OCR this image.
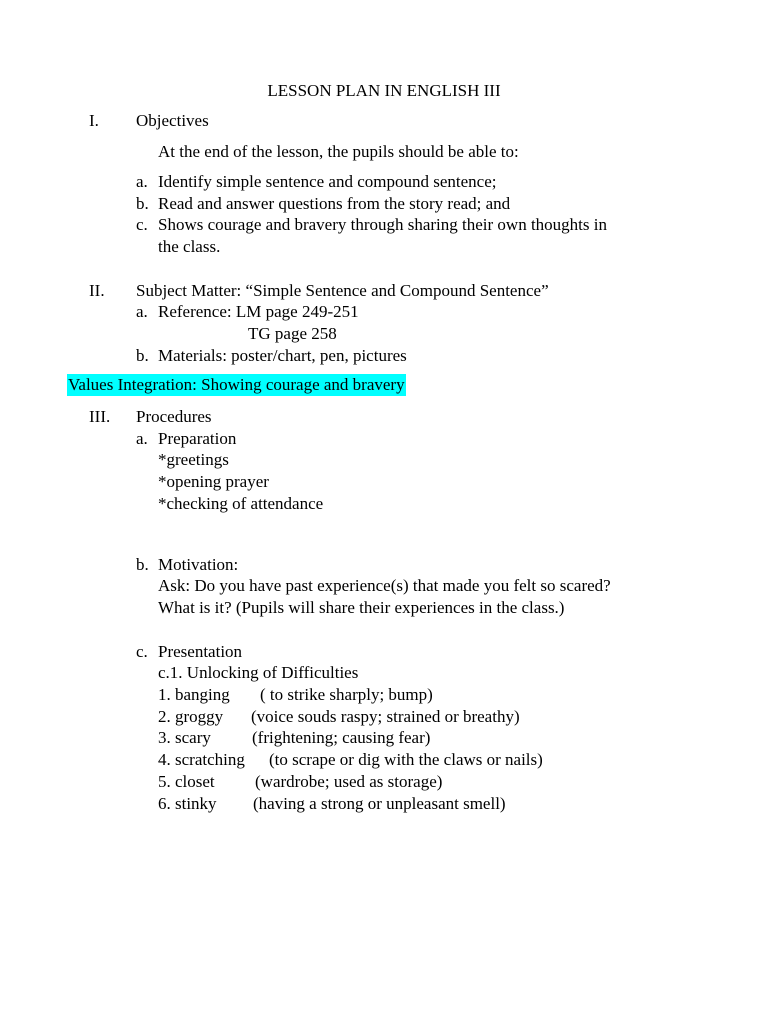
LESSON PLAN IN ENGLISH III
I. Objectives
At the end of the lesson, the pupils should be able to:
a. Identify simple sentence and compound sentence;
b. Read and answer questions from the story read; and
c. Shows courage and bravery through sharing their own thoughts in
the class.
II. Subject Matter: “Simple Sentence and Compound Sentence”
a. Reference: LM page 249-251
TG page 258
b. Materials: poster/chart, pen, pictures
Values Integration: Showing courage and bravery
III. Procedures
a. Preparation
*greetings
*opening prayer
*checking of attendance
b. Motivation:
Ask: Do you have past experience(s) that made you felt so scared?
What is it? (Pupils will share their experiences in the class.)
c. Presentation
c.1. Unlocking of Difficulties
1. banging ( to strike sharply; bump)
2. groggy (voice souds raspy; strained or breathy)
3. scary (frightening; causing fear)
4. scratching (to scrape or dig with the claws or nails)
5. closet (wardrobe; used as storage)
6. stinky (having a strong or unpleasant smell)
